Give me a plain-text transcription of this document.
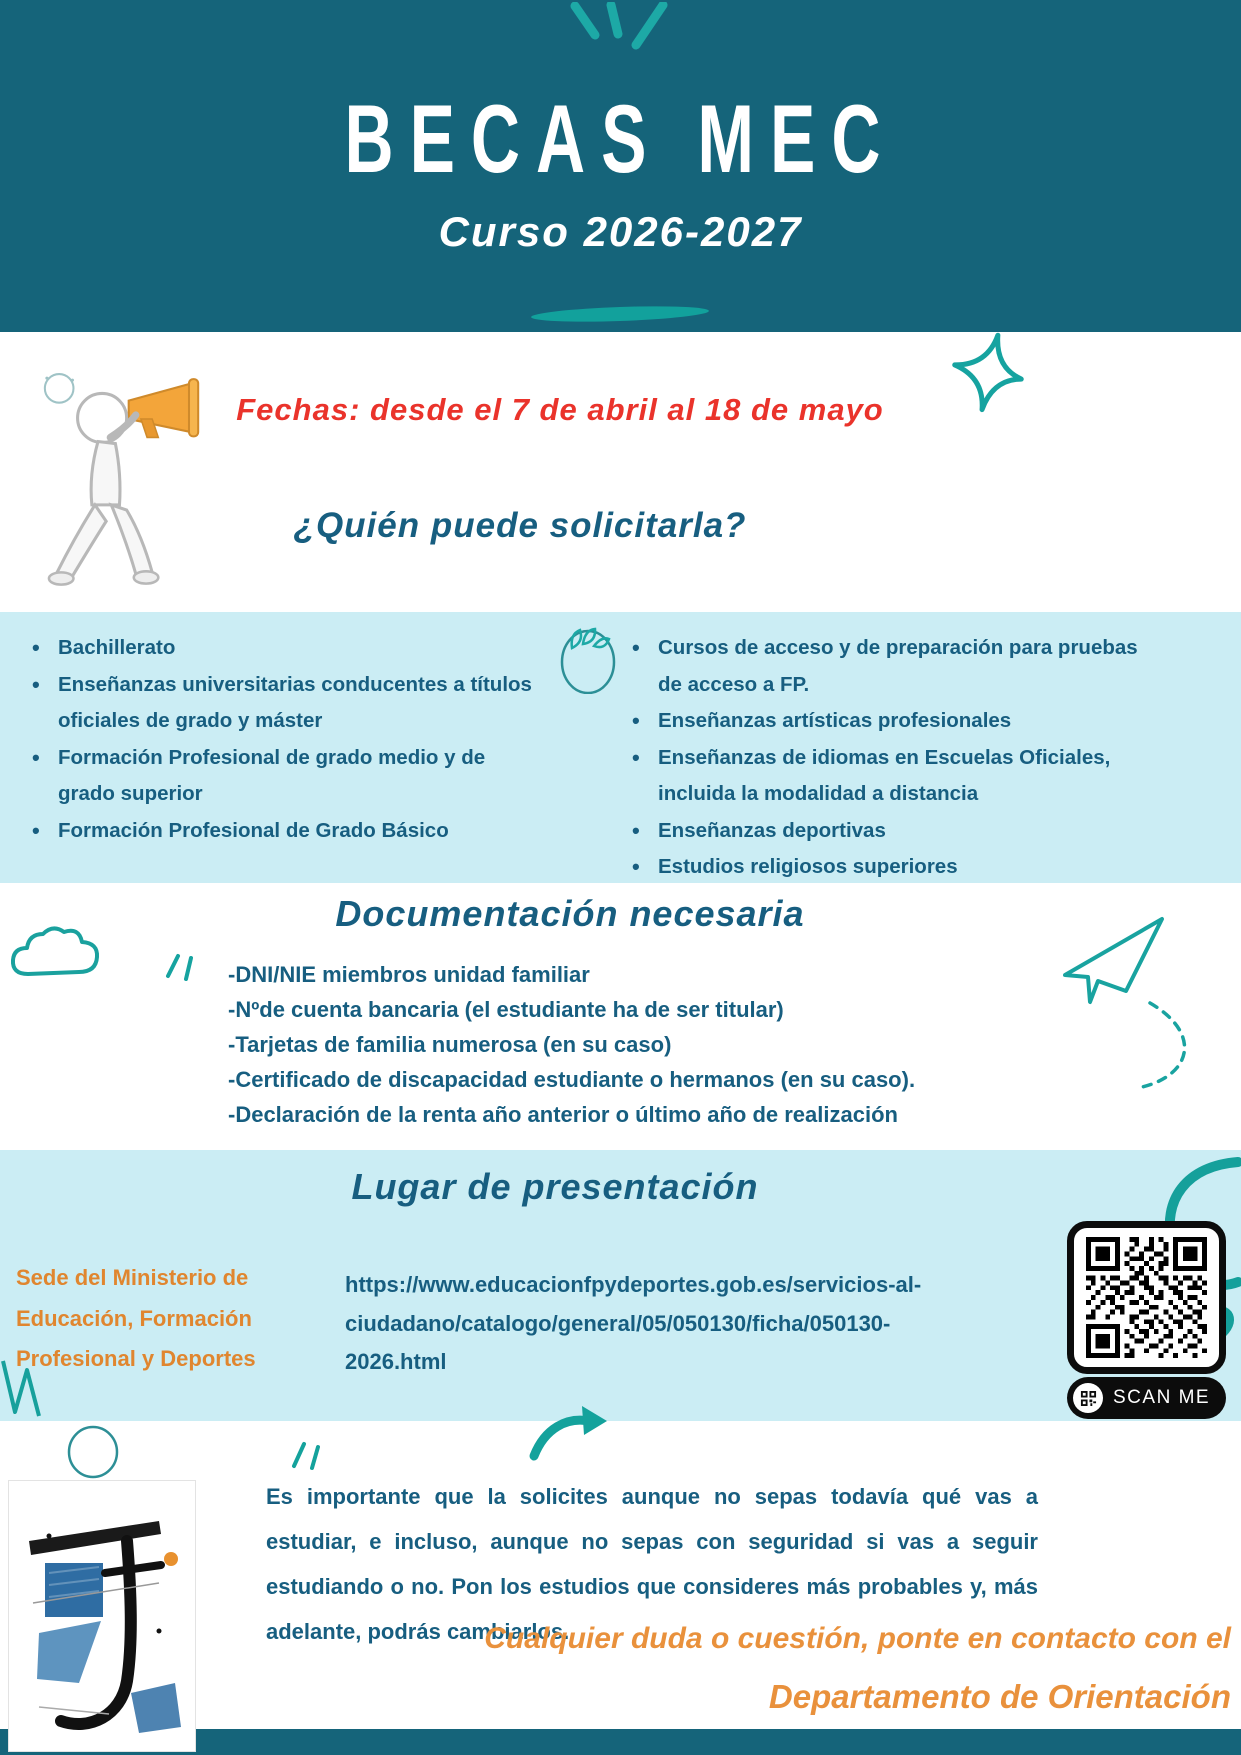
BECAS MEC
Curso 2026-2027
Fechas: desde el 7 de abril al 18 de mayo
¿Quién puede solicitarla?
• Bachillerato
• Enseñanzas universitarias conducentes a títulos oficiales de grado y máster
• Formación Profesional de grado medio y de grado superior
• Formación Profesional de Grado Básico
• Cursos de acceso y de preparación para pruebas de acceso a FP.
• Enseñanzas artísticas profesionales
• Enseñanzas de idiomas en Escuelas Oficiales, incluida la modalidad a distancia
• Enseñanzas deportivas
• Estudios religiosos superiores
Documentación necesaria
-DNI/NIE miembros unidad familiar
-Nºde cuenta bancaria (el estudiante ha de ser titular)
-Tarjetas de familia numerosa (en su caso)
-Certificado de discapacidad estudiante o hermanos (en su caso).
-Declaración de la renta año anterior o último año de realización
Lugar de presentación
Sede del Ministerio de Educación, Formación Profesional y Deportes
https://www.educacionfpydeportes.gob.es/servicios-al-ciudadano/catalogo/general/05/050130/ficha/050130-2026.html
SCAN ME
Es importante que la solicites aunque no sepas todavía qué vas a estudiar, e incluso, aunque no sepas con seguridad si vas a seguir estudiando o no. Pon los estudios que consideres más probables y, más adelante, podrás cambiarlos.
Cualquier duda o cuestión, ponte en contacto con el
Departamento de Orientación
